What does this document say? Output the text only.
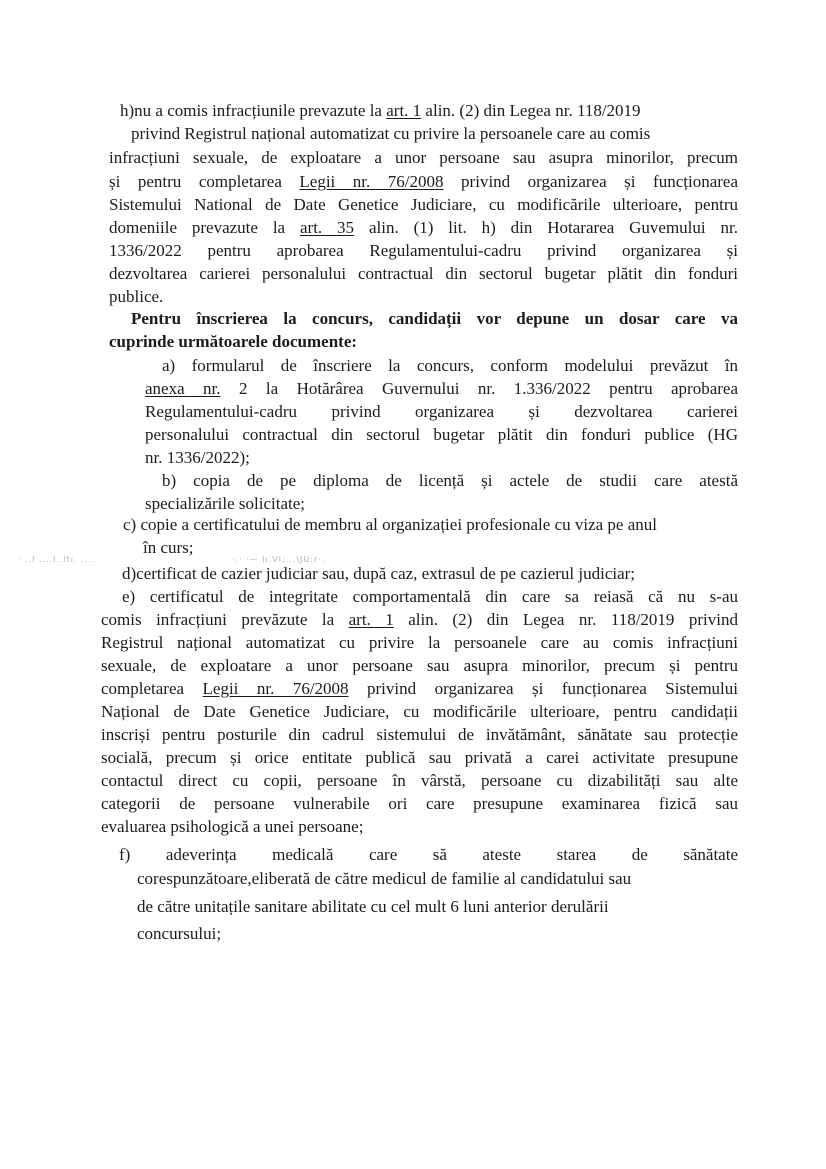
h)nu a comis infracțiunile prevazute la art. 1 alin. (2) din Legea nr. 118/2019
privind Registrul național automatizat cu privire la persoanele care au comis
infracțiuni sexuale, de exploatare a unor persoane sau asupra minorilor, precum
și pentru completarea Legii nr. 76/2008 privind organizarea și funcționarea
Sistemului National de Date Genetice Judiciare, cu modificările ulterioare, pentru
domeniile prevazute la art. 35 alin. (1) lit. h) din Hotararea Guvemului nr.
1336/2022 pentru aprobarea Regulamentului-cadru privind organizarea și
dezvoltarea carierei personalului contractual din sectorul bugetar plătit din fonduri
publice.
Pentru înscrierea la concurs, candidații vor depune un dosar care va
cuprinde următoarele documente:
a) formularul de înscriere la concurs, conform modelului prevăzut în
anexa nr. 2 la Hotărârea Guvernului nr. 1.336/2022 pentru aprobarea
Regulamentului-cadru privind organizarea și dezvoltarea carierei
personalului contractual din sectorul bugetar plătit din fonduri publice (HG
nr. 1336/2022);
b) copia de pe diploma de licență și actele de studii care atestă
specializările solicitate;
c) copie a certificatului de membru al organizației profesionale cu viza pe anul
în curs;
· ..l ....l..ltı. ....	·.· ·— lı.Vl;...\JU:r·.
d)certificat de cazier judiciar sau, după caz, extrasul de pe cazierul judiciar;
e) certificatul de integritate comportamentală din care sa reiasă că nu s-au
comis infracțiuni prevăzute la art. 1 alin. (2) din Legea nr. 118/2019 privind
Registrul național automatizat cu privire la persoanele care au comis infracțiuni
sexuale, de exploatare a unor persoane sau asupra minorilor, precum și pentru
completarea Legii nr. 76/2008 privind organizarea și funcționarea Sistemului
Național de Date Genetice Judiciare, cu modificările ulterioare, pentru candidații
inscriși pentru posturile din cadrul sistemului de invătământ, sănătate sau protecție
socială, precum și orice entitate publică sau privată a carei activitate presupune
contactul direct cu copii, persoane în vârstă, persoane cu dizabilități sau alte
categorii de persoane vulnerabile ori care presupune examinarea fizică sau
evaluarea psihologică a unei persoane;
f) adeverința medicală care să ateste starea de sănătate
corespunzătoare,eliberată de către medicul de familie al candidatului sau
de către unitațile sanitare abilitate cu cel mult 6 luni anterior derulării
concursului;
